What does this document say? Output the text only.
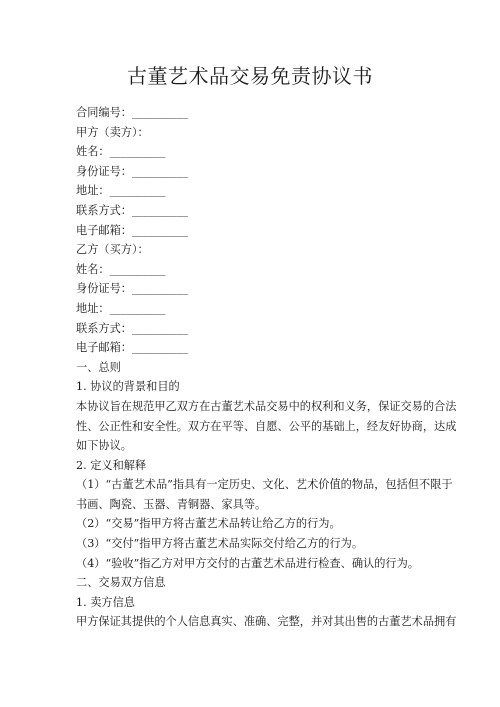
古董艺术品交易免责协议书
合同编号：__________
甲方（卖方）：
姓名：__________
身份证号：__________
地址：__________
联系方式：__________
电子邮箱：__________
乙方（买方）：
姓名：__________
身份证号：__________
地址：__________
联系方式：__________
电子邮箱：__________
一、总则
1. 协议的背景和目的
本协议旨在规范甲乙双方在古董艺术品交易中的权利和义务，保证交易的合法
性、公正性和安全性。双方在平等、自愿、公平的基础上，经友好协商，达成
如下协议。
2. 定义和解释
（1）“古董艺术品”指具有一定历史、文化、艺术价值的物品，包括但不限于
书画、陶瓷、玉器、青铜器、家具等。
（2）“交易”指甲方将古董艺术品转让给乙方的行为。
（3）“交付”指甲方将古董艺术品实际交付给乙方的行为。
（4）“验收”指乙方对甲方交付的古董艺术品进行检查、确认的行为。
二、交易双方信息
1. 卖方信息
甲方保证其提供的个人信息真实、准确、完整，并对其出售的古董艺术品拥有
